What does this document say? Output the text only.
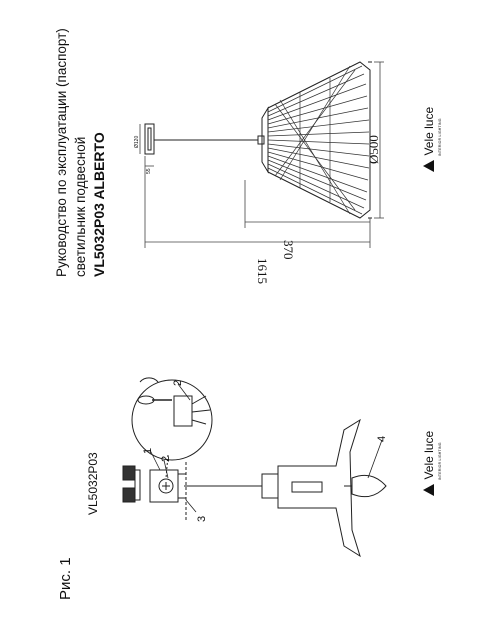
Руководство по эксплуатации (паспорт) светильник подвесной VL5032P03 ALBERTO
Рис. 1
VL5032P03
Ø500
370
1615
Ø120
55
1
2
3
4
2
Vele luce INTERIOR LIGHTING
Vele luce INTERIOR LIGHTING
